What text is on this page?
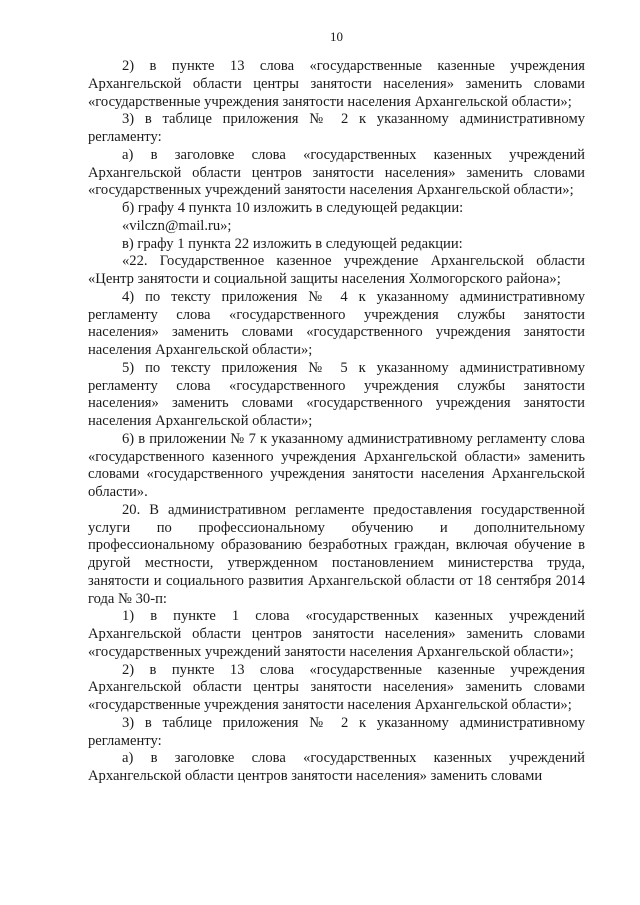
10

2) в пункте 13 слова «государственные казенные учреждения Архангельской области центры занятости населения» заменить словами «государственные учреждения занятости населения Архангельской области»;

3) в таблице приложения № 2 к указанному административному регламенту:

а) в заголовке слова «государственных казенных учреждений Архангельской области центров занятости населения» заменить словами «государственных учреждений занятости населения Архангельской области»;

б) графу 4 пункта 10 изложить в следующей редакции:

«vilczn@mail.ru»;

в) графу 1 пункта 22 изложить в следующей редакции:

«22. Государственное казенное учреждение Архангельской области «Центр занятости и социальной защиты населения Холмогорского района»;

4) по тексту приложения № 4 к указанному административному регламенту слова «государственного учреждения службы занятости населения» заменить словами «государственного учреждения занятости населения Архангельской области»;

5) по тексту приложения № 5 к указанному административному регламенту слова «государственного учреждения службы занятости населения» заменить словами «государственного учреждения занятости населения Архангельской области»;

6) в приложении № 7 к указанному административному регламенту слова «государственного казенного учреждения Архангельской области» заменить словами «государственного учреждения занятости населения Архангельской области».

20. В административном регламенте предоставления государственной услуги по профессиональному обучению и дополнительному профессиональному образованию безработных граждан, включая обучение в другой местности, утвержденном постановлением министерства труда, занятости и социального развития Архангельской области от 18 сентября 2014 года № 30-п:

1) в пункте 1 слова «государственных казенных учреждений Архангельской области центров занятости населения» заменить словами «государственных учреждений занятости населения Архангельской области»;

2) в пункте 13 слова «государственные казенные учреждения Архангельской области центры занятости населения» заменить словами «государственные учреждения занятости населения Архангельской области»;

3) в таблице приложения № 2 к указанному административному регламенту:

а) в заголовке слова «государственных казенных учреждений Архангельской области центров занятости населения» заменить словами
